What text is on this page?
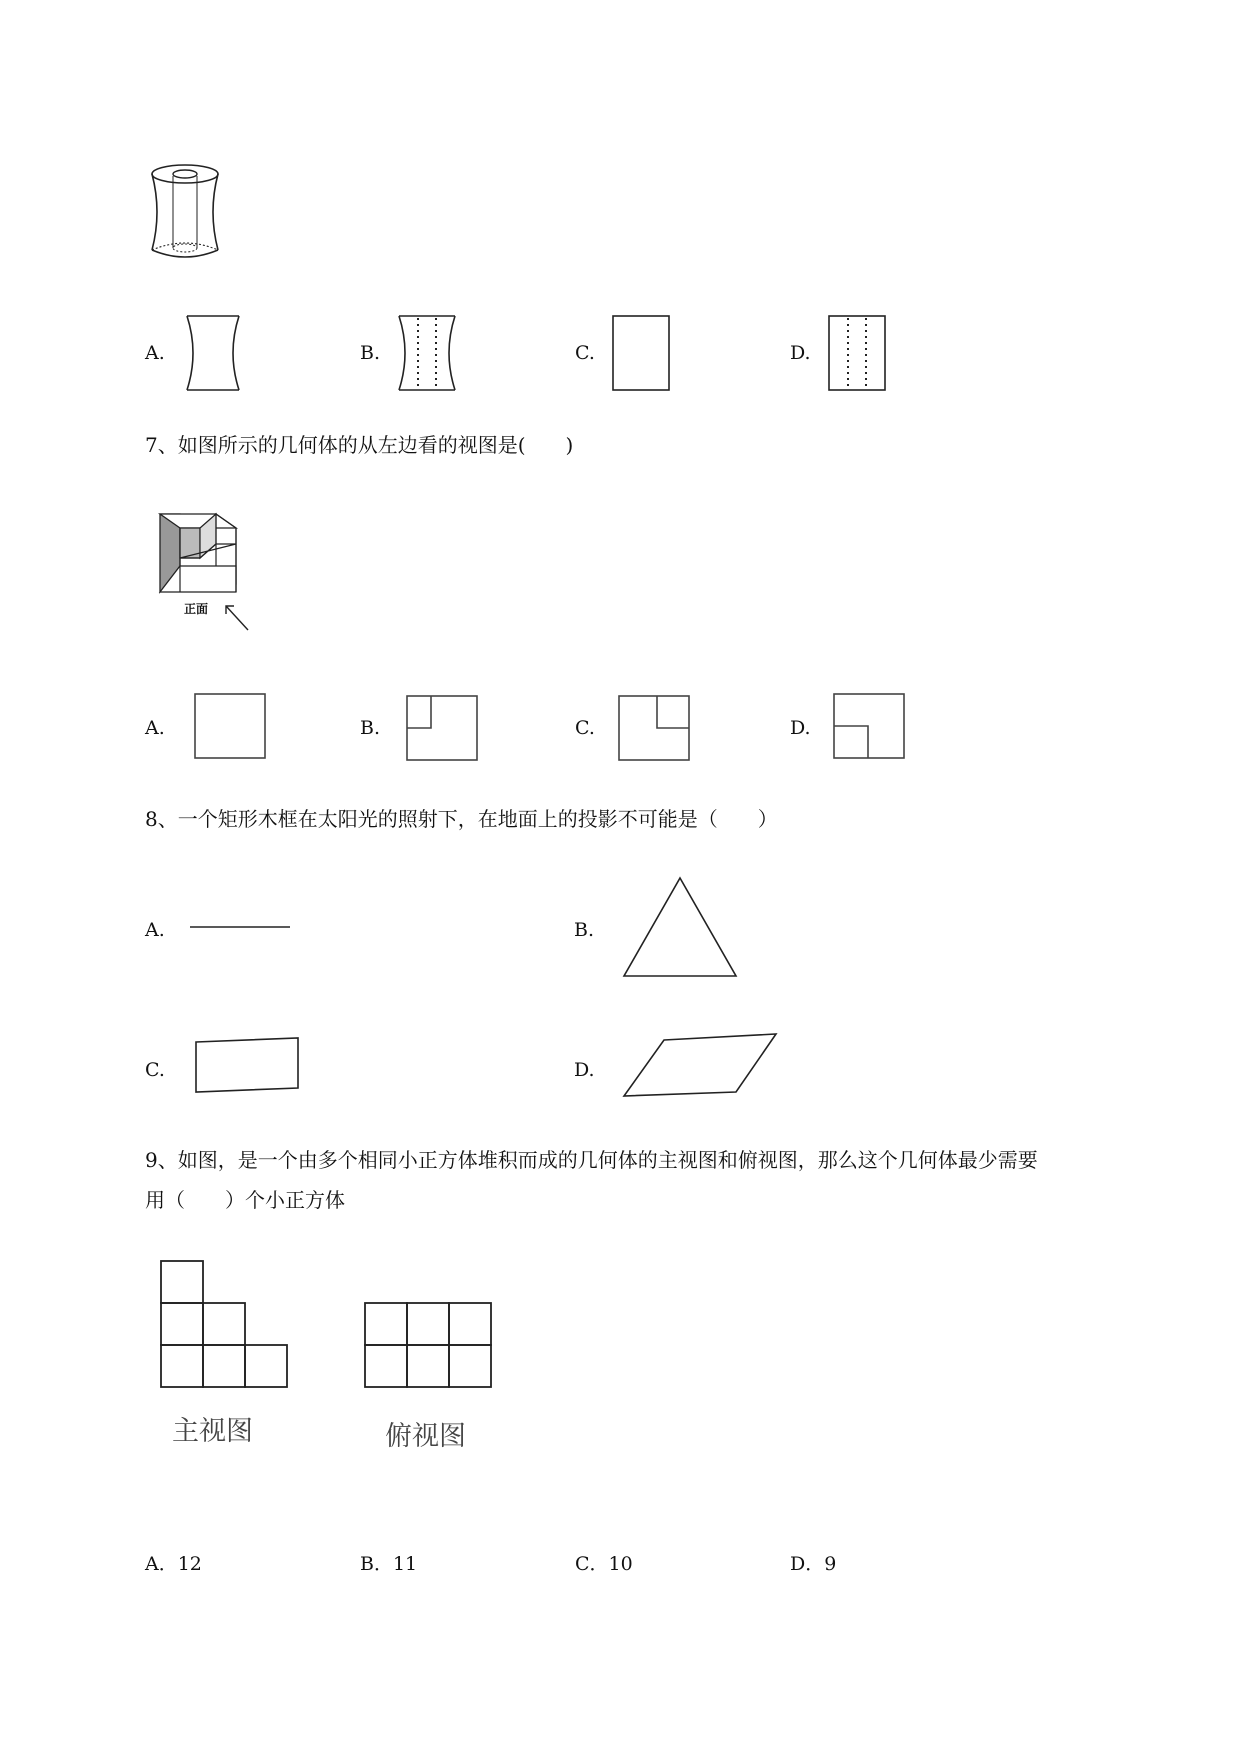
A.	B.	C.	D.
7、如图所示的几何体的从左边看的视图是(　　)
正面
A.	B.	C.	D.
8、一个矩形木框在太阳光的照射下，在地面上的投影不可能是（　　）
A.	B.
C.	D.
9、如图，是一个由多个相同小正方体堆积而成的几何体的主视图和俯视图，那么这个几何体最少需要
用（　　）个小正方体
主视图	俯视图
A．12	B．11	C．10	D．9
